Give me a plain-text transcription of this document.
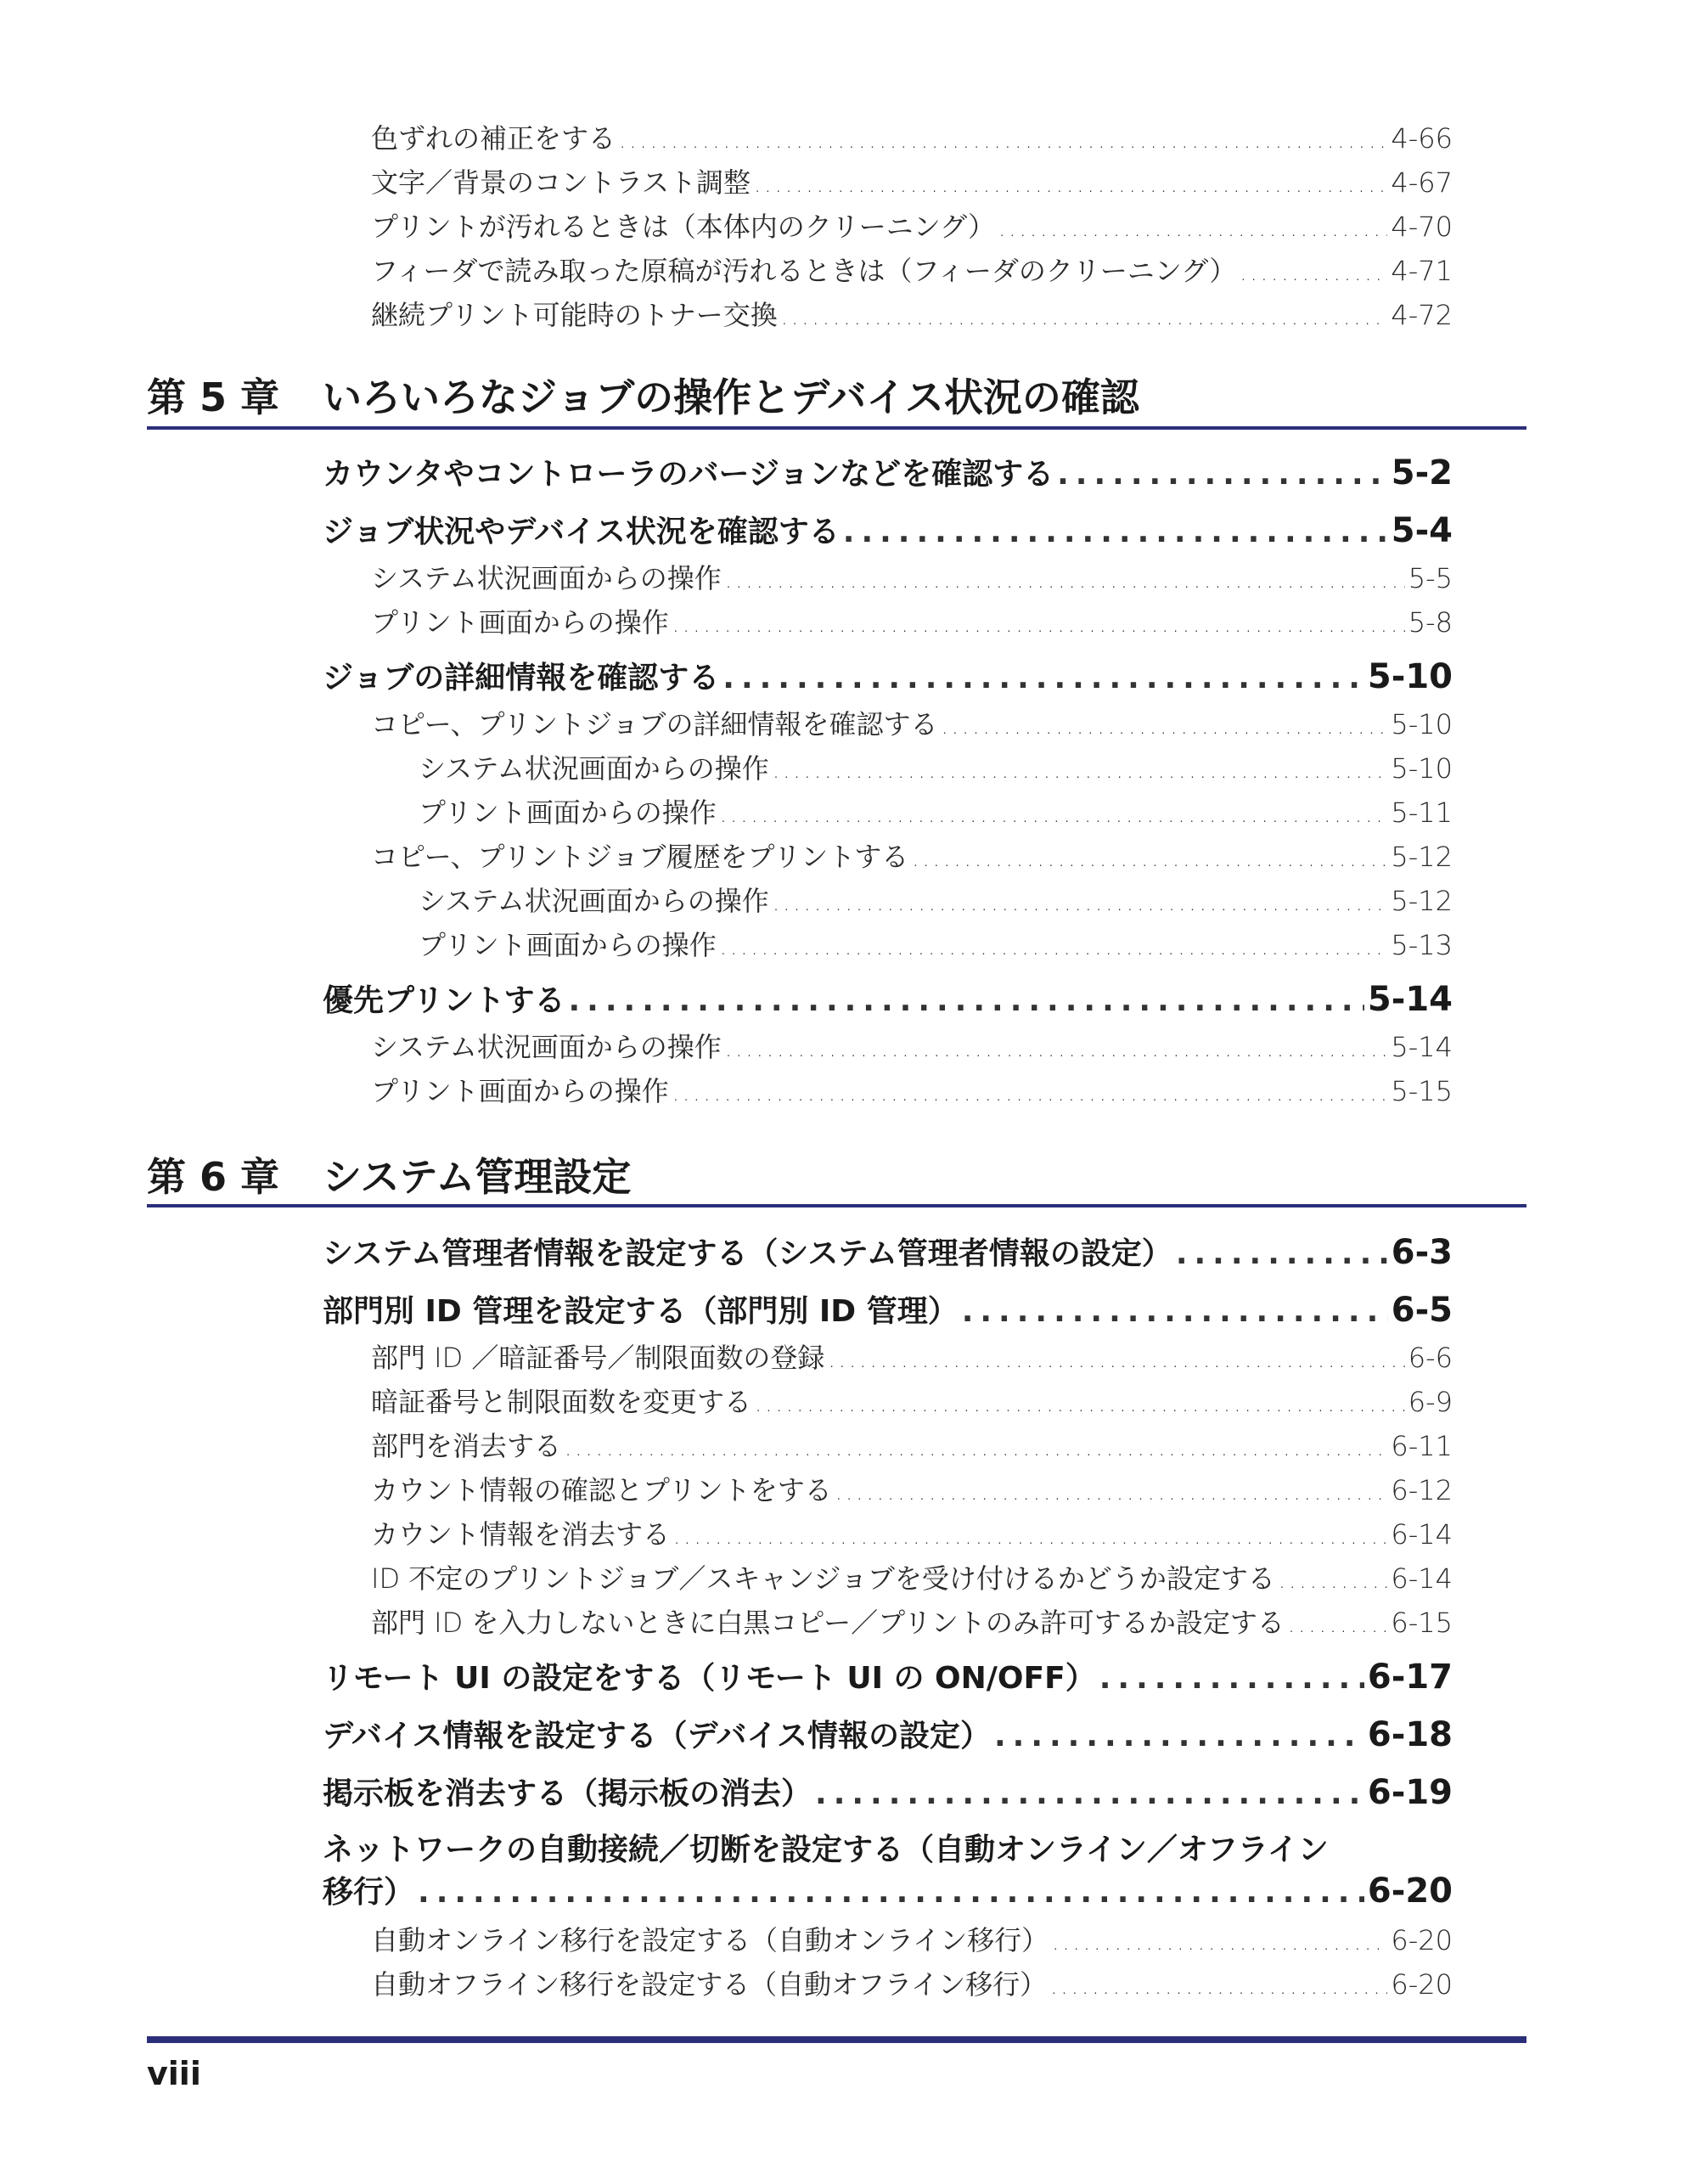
色ずれの補正をする .....	4-66
文字／背景のコントラスト調整 .....	4-67
プリントが汚れるときは（本体内のクリーニング） .....	4-70
フィーダで読み取った原稿が汚れるときは（フィーダのクリーニング） .....	4-71
継続プリント可能時のトナー交換 .....	4-72
第 5 章 いろいろなジョブの操作とデバイス状況の確認
カウンタやコントローラのバージョンなどを確認する .....	5-2
ジョブ状況やデバイス状況を確認する .....	5-4
システム状況画面からの操作 .....	5-5
プリント画面からの操作 .....	5-8
ジョブの詳細情報を確認する .....	5-10
コピー、プリントジョブの詳細情報を確認する .....	5-10
システム状況画面からの操作 .....	5-10
プリント画面からの操作 .....	5-11
コピー、プリントジョブ履歴をプリントする .....	5-12
システム状況画面からの操作 .....	5-12
プリント画面からの操作 .....	5-13
優先プリントする .....	5-14
システム状況画面からの操作 .....	5-14
プリント画面からの操作 .....	5-15
第 6 章 システム管理設定
システム管理者情報を設定する（システム管理者情報の設定） .....	6-3
部門別 ID 管理を設定する（部門別 ID 管理） .....	6-5
部門 ID ／暗証番号／制限面数の登録 .....	6-6
暗証番号と制限面数を変更する .....	6-9
部門を消去する .....	6-11
カウント情報の確認とプリントをする .....	6-12
カウント情報を消去する .....	6-14
ID 不定のプリントジョブ／スキャンジョブを受け付けるかどうか設定する .....	6-14
部門 ID を入力しないときに白黒コピー／プリントのみ許可するか設定する .....	6-15
リモート UI の設定をする（リモート UI の ON/OFF） .....	6-17
デバイス情報を設定する（デバイス情報の設定） .....	6-18
掲示板を消去する（掲示板の消去） .....	6-19
ネットワークの自動接続／切断を設定する（自動オンライン／オフライン
移行） .....	6-20
自動オンライン移行を設定する（自動オンライン移行） .....	6-20
自動オフライン移行を設定する（自動オフライン移行） .....	6-20
viii
